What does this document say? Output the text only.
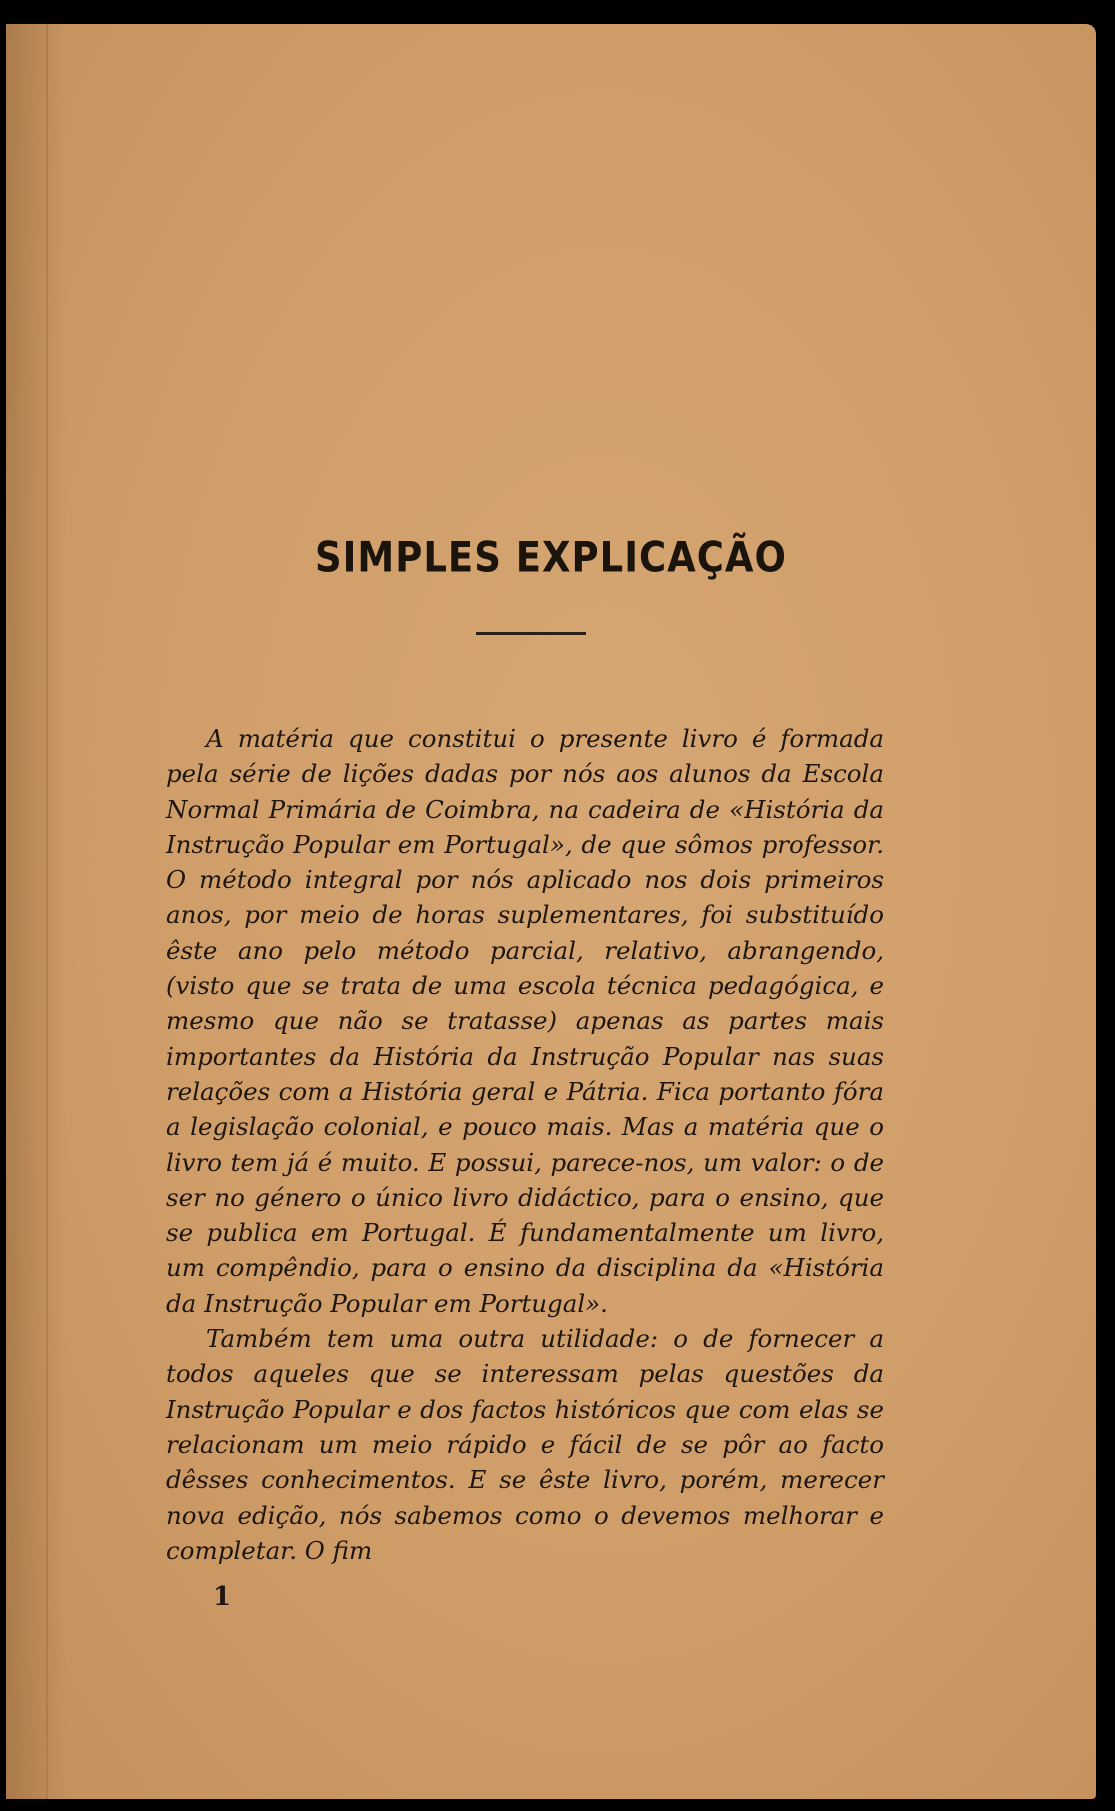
SIMPLES EXPLICAÇÃO

A matéria que constitui o presente livro é formada pela série de lições dadas por nós aos alunos da Escola Normal Primária de Coimbra, na cadeira de «História da Instrução Popular em Portugal», de que sômos professor. O método integral por nós aplicado nos dois primeiros anos, por meio de horas suplementares, foi substituído êste ano pelo método parcial, relativo, abrangendo, (visto que se trata de uma escola técnica pedagógica, e mesmo que não se tratasse) apenas as partes mais importantes da História da Instrução Popular nas suas relações com a História geral e Pátria. Fica portanto fóra a legislação colonial, e pouco mais. Mas a matéria que o livro tem já é muito. E possui, parece-nos, um valor: o de ser no género o único livro didáctico, para o ensino, que se publica em Portugal. É fundamentalmente um livro, um compêndio, para o ensino da disciplina da «História da Instrução Popular em Portugal».

Também tem uma outra utilidade: o de fornecer a todos aqueles que se interessam pelas questões da Instrução Popular e dos factos históricos que com elas se relacionam um meio rápido e fácil de se pôr ao facto dêsses conhecimentos. E se êste livro, porém, merecer nova edição, nós sabemos como o devemos melhorar e completar. O fim

1
